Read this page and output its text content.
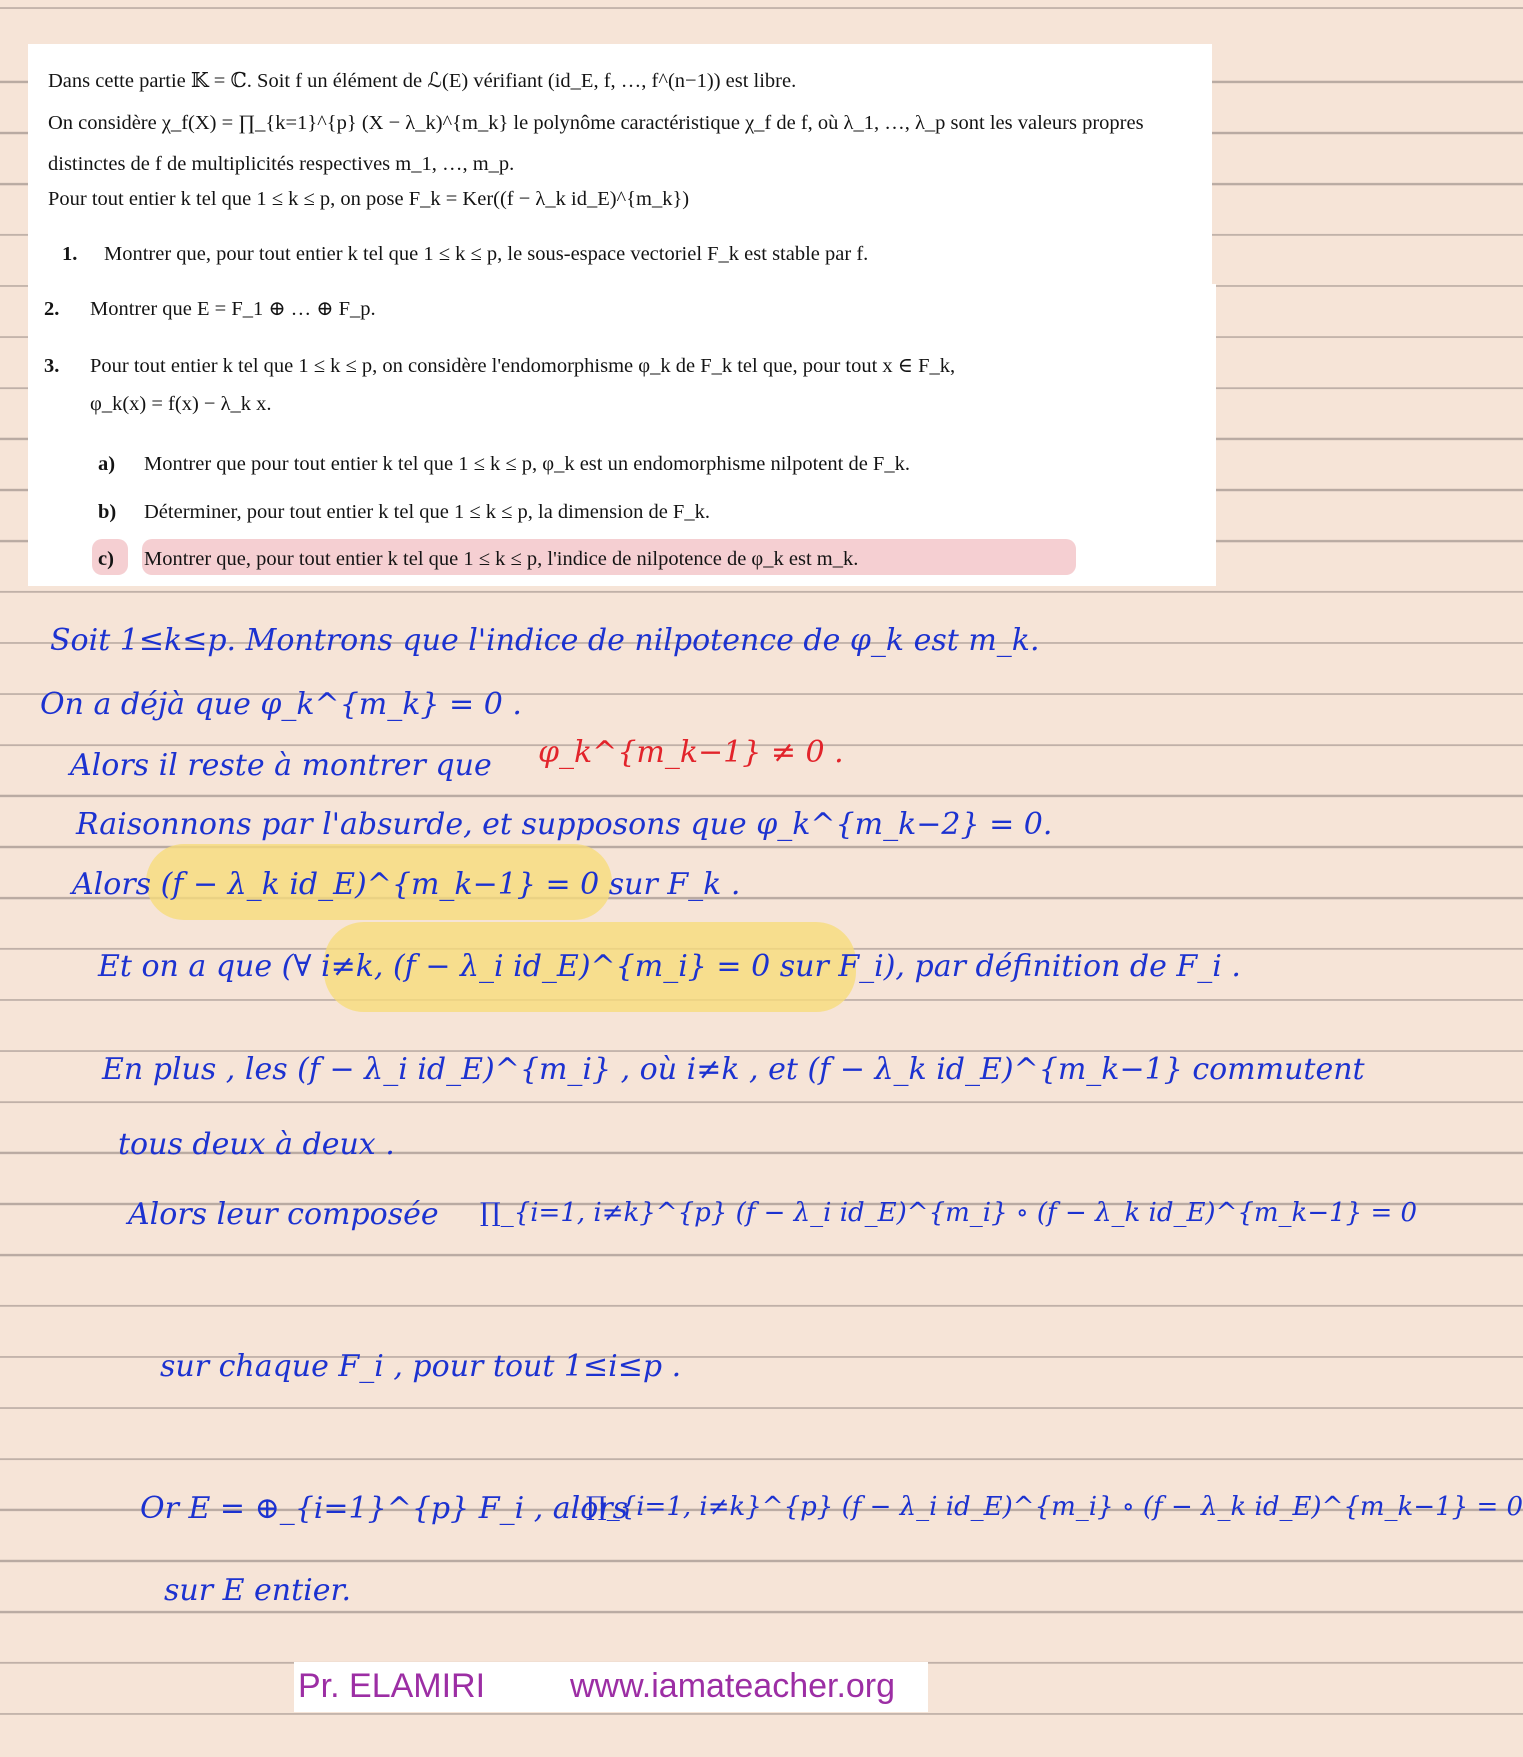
Dans cette partie 𝕂 = ℂ. Soit f un élément de ℒ(E) vérifiant (id_E, f, …, f^(n−1)) est libre.
On considère χ_f(X) = ∏_{k=1}^{p} (X − λ_k)^{m_k} le polynôme caractéristique χ_f de f, où λ_1, …, λ_p sont les valeurs propres
distinctes de f de multiplicités respectives m_1, …, m_p.
Pour tout entier k tel que 1 ≤ k ≤ p, on pose F_k = Ker((f − λ_k id_E)^{m_k})
1. Montrer que, pour tout entier k tel que 1 ≤ k ≤ p, le sous-espace vectoriel F_k est stable par f.
2. Montrer que E = F_1 ⊕ … ⊕ F_p.
3. Pour tout entier k tel que 1 ≤ k ≤ p, on considère l'endomorphisme φ_k de F_k tel que, pour tout x ∈ F_k,
φ_k(x) = f(x) − λ_k x.
a) Montrer que pour tout entier k tel que 1 ≤ k ≤ p, φ_k est un endomorphisme nilpotent de F_k.
b) Déterminer, pour tout entier k tel que 1 ≤ k ≤ p, la dimension de F_k.
c) Montrer que, pour tout entier k tel que 1 ≤ k ≤ p, l'indice de nilpotence de φ_k est m_k.
Soit 1≤k≤p. Montrons que l'indice de nilpotence de φ_k est m_k.
On a déjà que φ_k^{m_k} = 0 .
Alors il reste à montrer que φ_k^{m_k−1} ≠ 0 .
Raisonnons par l'absurde, et supposons que φ_k^{m_k−2} = 0.
Alors (f − λ_k id_E)^{m_k−1} = 0 sur F_k .
Et on a que (∀ i≠k, (f − λ_i id_E)^{m_i} = 0 sur F_i), par définition de F_i .
En plus , les (f − λ_i id_E)^{m_i} , où i≠k , et (f − λ_k id_E)^{m_k−1} commutent
tous deux à deux .
Alors leur composée ∏_{i=1, i≠k}^{p} (f − λ_i id_E)^{m_i} ∘ (f − λ_k id_E)^{m_k−1} = 0
sur chaque F_i , pour tout 1≤i≤p .
Or E = ⊕_{i=1}^{p} F_i , alors
∏_{i=1, i≠k}^{p} (f − λ_i id_E)^{m_i} ∘ (f − λ_k id_E)^{m_k−1} = 0
sur E entier.
Pr. ELAMIRI www.iamateacher.org
